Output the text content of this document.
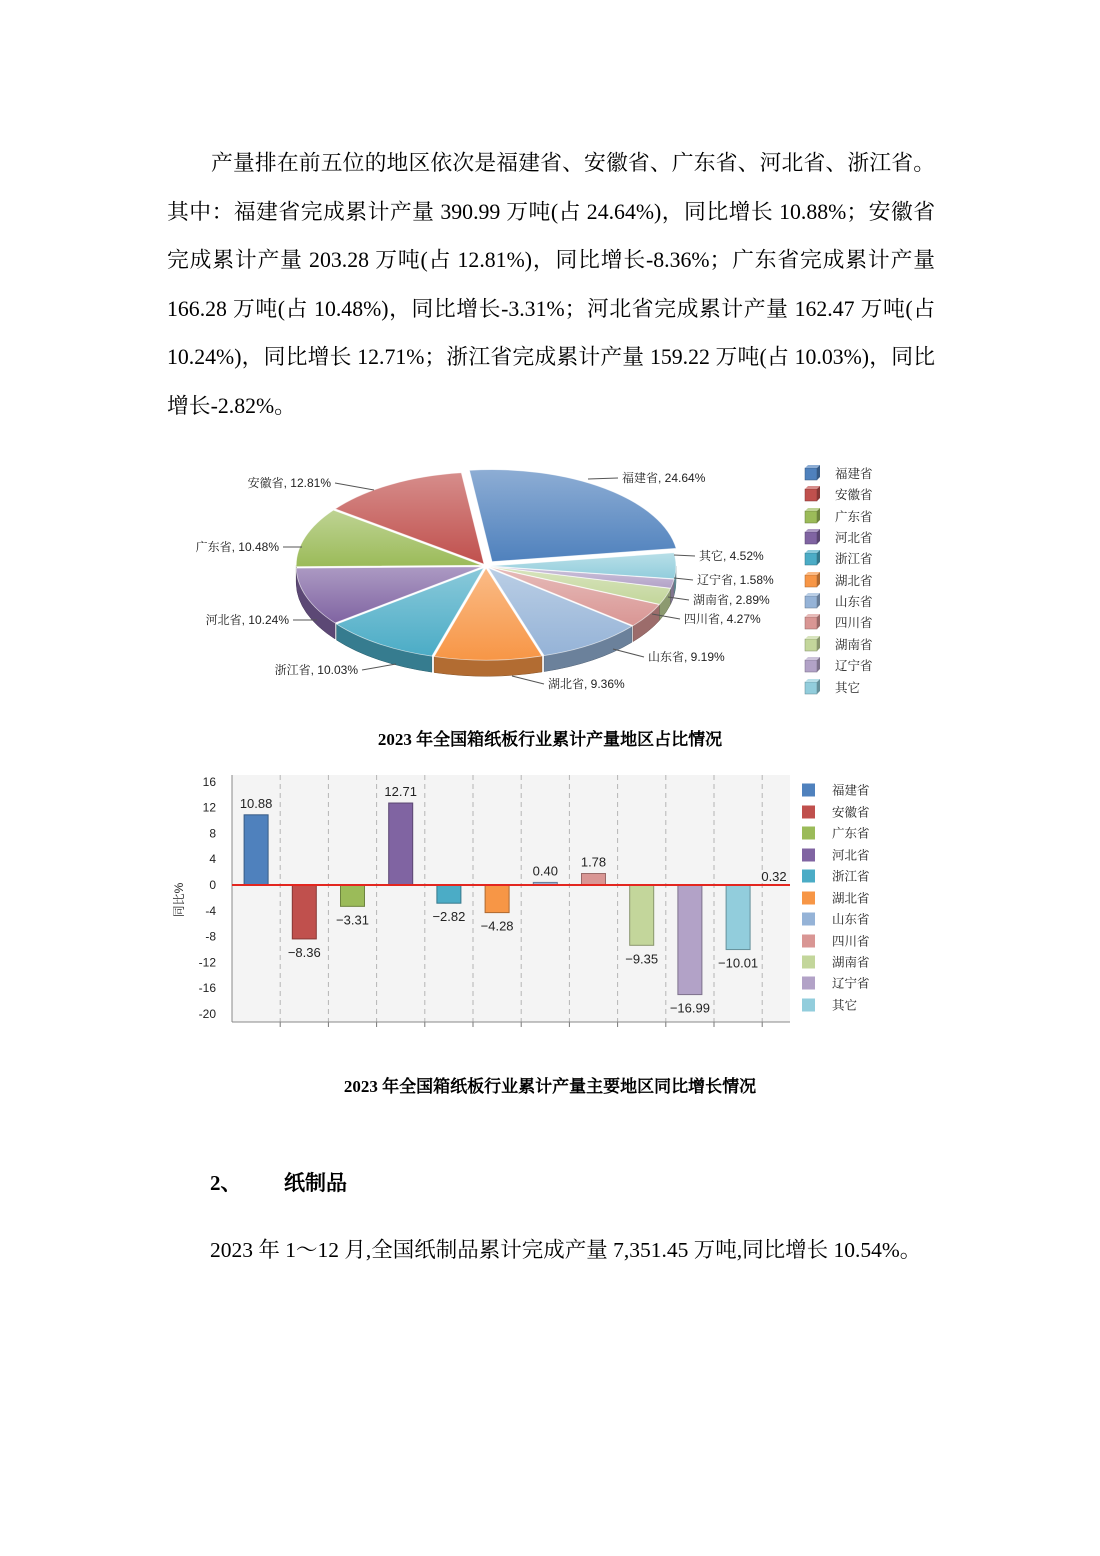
产量排在前五位的地区依次是福建省、安徽省、广东省、河北省、浙江省。
其中：福建省完成累计产量 390.99 万吨(占 24.64%)，同比增长 10.88%；安徽省
完成累计产量 203.28 万吨(占 12.81%)，同比增长-8.36%；广东省完成累计产量
166.28 万吨(占 10.48%)，同比增长-3.31%；河北省完成累计产量 162.47 万吨(占
10.24%)，同比增长 12.71%；浙江省完成累计产量 159.22 万吨(占 10.03%)，同比
增长-2.82%。
福建省, 24.64%
安徽省, 12.81%
广东省, 10.48%
河北省, 10.24%
浙江省, 10.03%
湖北省, 9.36%
山东省, 9.19%
四川省, 4.27%
湖南省, 2.89%
辽宁省, 1.58%
其它, 4.52%
福建省
安徽省
广东省
河北省
浙江省
湖北省
山东省
四川省
湖南省
辽宁省
其它
2023 年全国箱纸板行业累计产量地区占比情况
16
12
8
4
0
-4
-8
-12
-16
-20
同比%
10.88
−8.36
−3.31
12.71
−2.82
−4.28
0.40
1.78
−9.35
−16.99
−10.01
0.32
福建省
安徽省
广东省
河北省
浙江省
湖北省
山东省
四川省
湖南省
辽宁省
其它
2023 年全国箱纸板行业累计产量主要地区同比增长情况
2、 纸制品
2023 年 1～12 月,全国纸制品累计完成产量 7,351.45 万吨,同比增长 10.54%。
